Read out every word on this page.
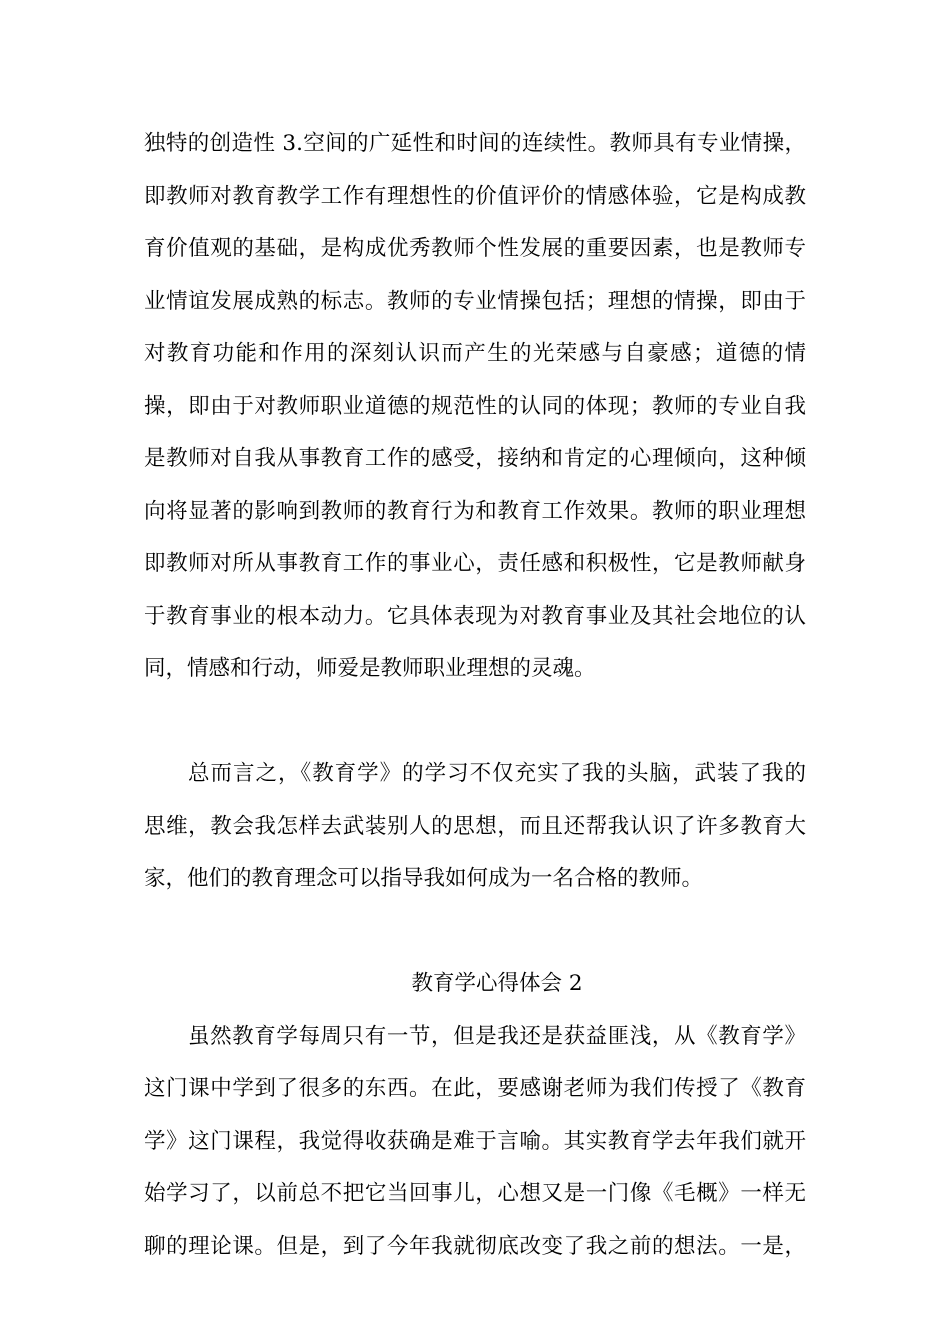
独特的创造性 3.空间的广延性和时间的连续性。教师具有专业情操，
即教师对教育教学工作有理想性的价值评价的情感体验，它是构成教
育价值观的基础，是构成优秀教师个性发展的重要因素，也是教师专
业情谊发展成熟的标志。教师的专业情操包括；理想的情操，即由于
对教育功能和作用的深刻认识而产生的光荣感与自豪感；道德的情
操，即由于对教师职业道德的规范性的认同的体现；教师的专业自我
是教师对自我从事教育工作的感受，接纳和肯定的心理倾向，这种倾
向将显著的影响到教师的教育行为和教育工作效果。教师的职业理想
即教师对所从事教育工作的事业心，责任感和积极性，它是教师献身
于教育事业的根本动力。它具体表现为对教育事业及其社会地位的认
同，情感和行动，师爱是教师职业理想的灵魂。
总而言之，《教育学》的学习不仅充实了我的头脑，武装了我的
思维，教会我怎样去武装别人的思想，而且还帮我认识了许多教育大
家，他们的教育理念可以指导我如何成为一名合格的教师。
教育学心得体会 2
虽然教育学每周只有一节，但是我还是获益匪浅，从《教育学》
这门课中学到了很多的东西。在此，要感谢老师为我们传授了《教育
学》这门课程，我觉得收获确是难于言喻。其实教育学去年我们就开
始学习了，以前总不把它当回事儿，心想又是一门像《毛概》一样无
聊的理论课。但是，到了今年我就彻底改变了我之前的想法。一是，
